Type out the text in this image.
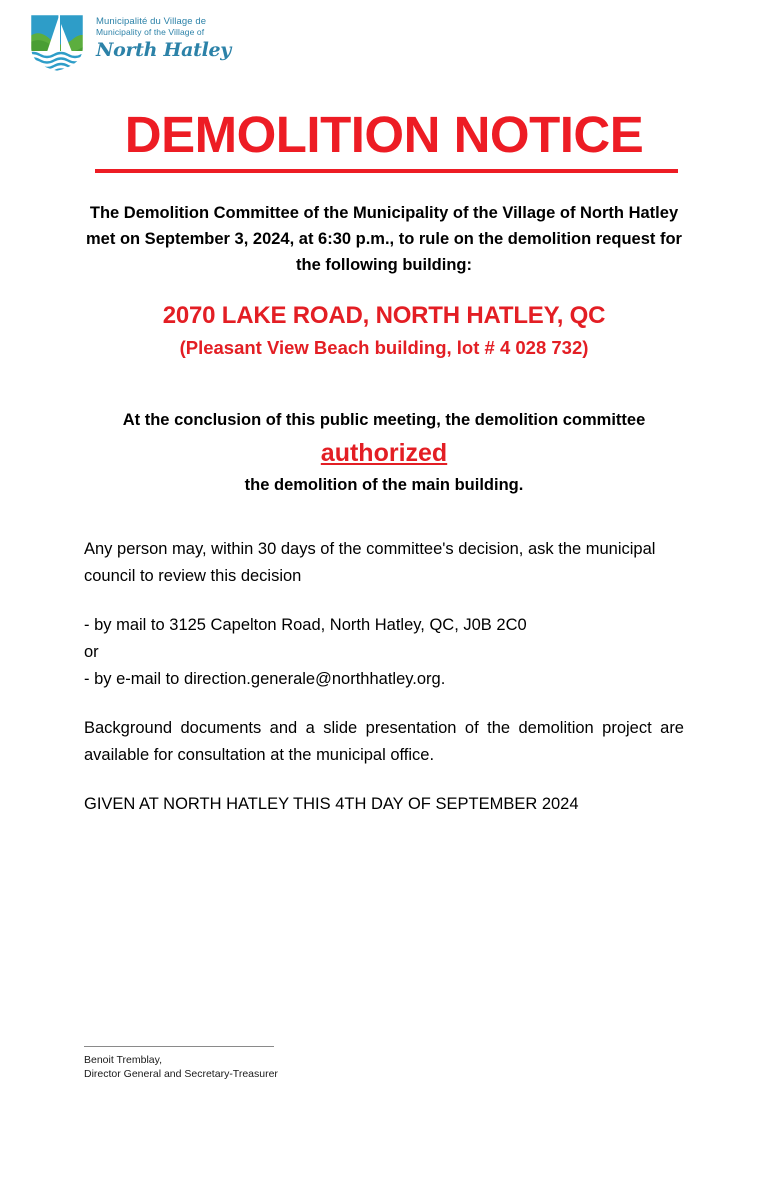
Municipalité du Village de
Municipality of the Village of
North Hatley
DEMOLITION NOTICE
The Demolition Committee of the Municipality of the Village of North Hatley met on September 3, 2024, at 6:30 p.m., to rule on the demolition request for the following building:
2070 LAKE ROAD, NORTH HATLEY, QC
(Pleasant View Beach building, lot # 4 028 732)
At the conclusion of this public meeting, the demolition committee
authorized
the demolition of the main building.

Any person may, within 30 days of the committee's decision, ask the municipal council to review this decision

- by mail to 3125 Capelton Road, North Hatley, QC, J0B 2C0
or
- by e-mail to direction.generale@northhatley.org.

Background documents and a slide presentation of the demolition project are available for consultation at the municipal office.

GIVEN AT NORTH HATLEY THIS 4TH DAY OF SEPTEMBER 2024

Benoit Tremblay,
Director General and Secretary-Treasurer
